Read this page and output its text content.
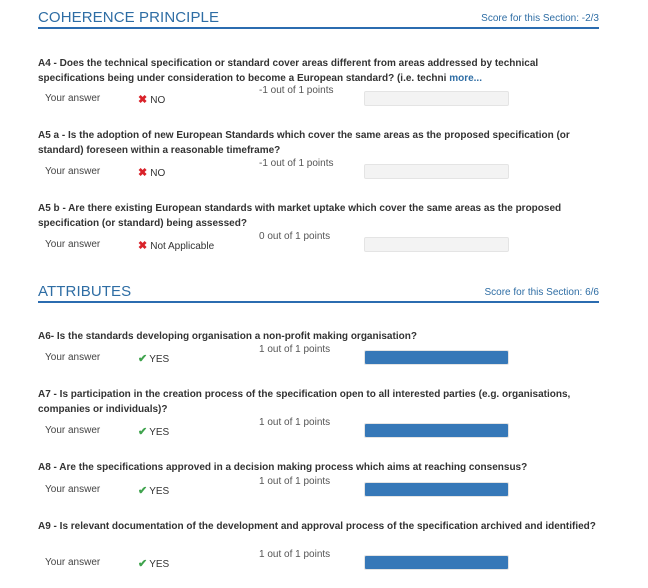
COHERENCE PRINCIPLE	Score for this Section: -2/3
A4 - Does the technical specification or standard cover areas different from areas addressed by technical specifications being under consideration to become a European standard? (i.e. techni more...
Your answer	✖ NO
-1 out of 1 points
A5 a - Is the adoption of new European Standards which cover the same areas as the proposed specification (or standard) foreseen within a reasonable timeframe?
Your answer	✖ NO
-1 out of 1 points
A5 b - Are there existing European standards with market uptake which cover the same areas as the proposed specification (or standard) being assessed?
Your answer	✖ Not Applicable
0 out of 1 points
ATTRIBUTES	Score for this Section: 6/6
A6- Is the standards developing organisation a non-profit making organisation?
Your answer	✔ YES
1 out of 1 points
A7 - Is participation in the creation process of the specification open to all interested parties (e.g. organisations, companies or individuals)?
Your answer	✔ YES
1 out of 1 points
A8 - Are the specifications approved in a decision making process which aims at reaching consensus?
Your answer	✔ YES
1 out of 1 points
A9 - Is relevant documentation of the development and approval process of the specification archived and identified?
Your answer	✔ YES
1 out of 1 points
